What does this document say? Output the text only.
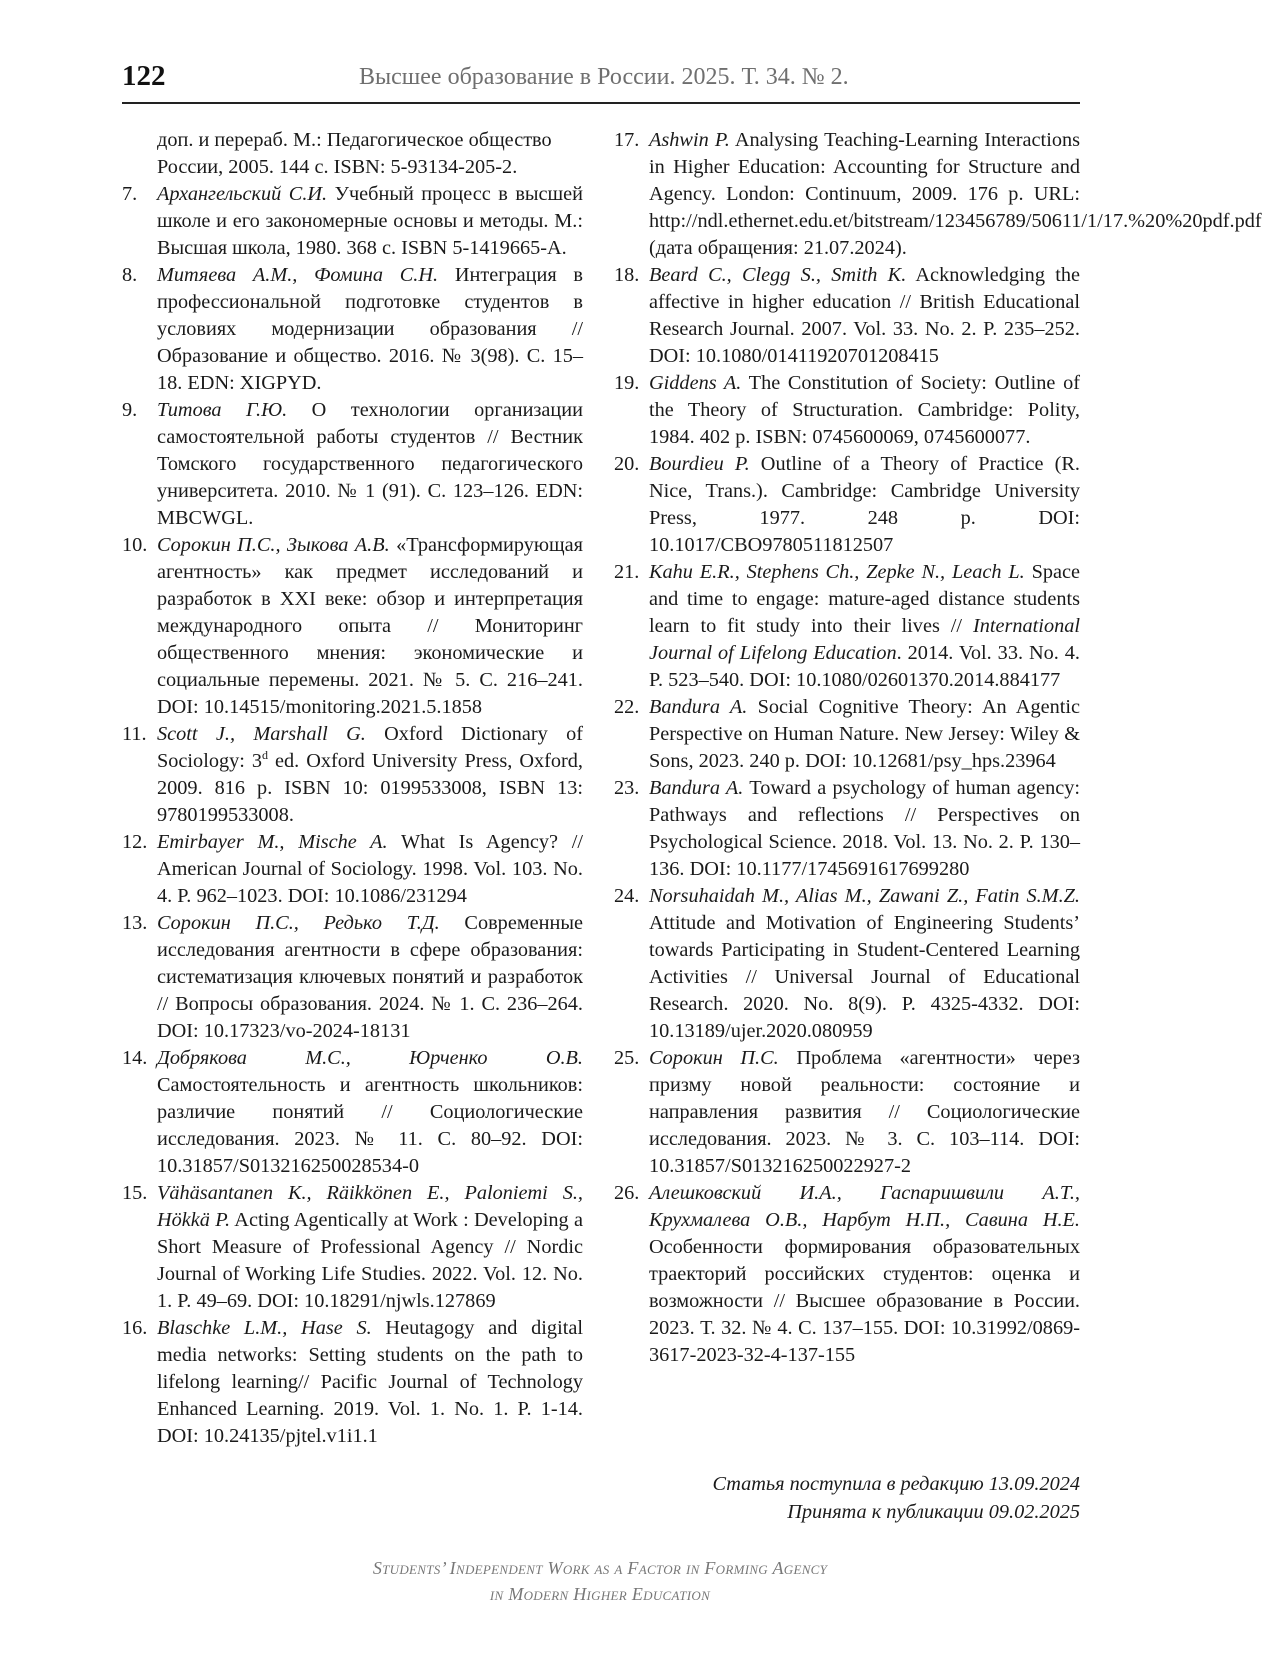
122	Высшее образование в России. 2025. Т. 34. № 2.
доп. и перераб. М.: Педагогическое общество России, 2005. 144 с. ISBN: 5-93134-205-2.
7. Архангельский С.И. Учебный процесс в высшей школе и его закономерные основы и методы. М.: Высшая школа, 1980. 368 с. ISBN 5-1419665-А.
8. Митяева А.М., Фомина С.Н. Интеграция в профессиональной подготовке студентов в условиях модернизации образования // Образование и общество. 2016. № 3(98). С. 15–18. EDN: XIGPYD.
9. Титова Г.Ю. О технологии организации самостоятельной работы студентов // Вестник Томского государственного педагогического университета. 2010. № 1 (91). С. 123–126. EDN: MBCWGL.
10. Сорокин П.С., Зыкова А.В. «Трансформирующая агентность» как предмет исследований и разработок в XXI веке: обзор и интерпретация международного опыта // Мониторинг общественного мнения: экономические и социальные перемены. 2021. № 5. С. 216–241. DOI: 10.14515/monitoring.2021.5.1858
11. Scott J., Marshall G. Oxford Dictionary of Sociology: 3$^d$ ed. Oxford University Press, Oxford, 2009. 816 p. ISBN 10: 0199533008, ISBN 13: 9780199533008.
12. Emirbayer M., Mische A. What Is Agency? // American Journal of Sociology. 1998. Vol. 103. No. 4. P. 962–1023. DOI: 10.1086/231294
13. Сорокин П.С., Редько Т.Д. Современные исследования агентности в сфере образования: систематизация ключевых понятий и разработок // Вопросы образования. 2024. № 1. С. 236–264. DOI: 10.17323/vo-2024-18131
14. Добрякова М.С., Юрченко О.В. Самостоятельность и агентность школьников: различие понятий // Социологические исследования. 2023. № 11. С. 80–92. DOI: 10.31857/S013216250028534-0
15. Vähäsantanen K., Räikkönen E., Paloniemi S., Hökkä P. Acting Agentically at Work : Developing a Short Measure of Professional Agency // Nordic Journal of Working Life Studies. 2022. Vol. 12. No. 1. P. 49–69. DOI: 10.18291/njwls.127869
16. Blaschke L.M., Hase S. Heutagogy and digital media networks: Setting students on the path to lifelong learning// Pacific Journal of Technology Enhanced Learning. 2019. Vol. 1. No. 1. P. 1-14. DOI: 10.24135/pjtel.v1i1.1
17. Ashwin P. Analysing Teaching-Learning Interactions in Higher Education: Accounting for Structure and Agency. London: Continuum, 2009. 176 p. URL: http://ndl.ethernet.edu.et/bitstream/123456789/50611/1/17.%20%20pdf.pdf (дата обращения: 21.07.2024).
18. Beard C., Clegg S., Smith K. Acknowledging the affective in higher education // British Educational Research Journal. 2007. Vol. 33. No. 2. P. 235–252. DOI: 10.1080/01411920701208415
19. Giddens A. The Constitution of Society: Outline of the Theory of Structuration. Cambridge: Polity, 1984. 402 p. ISBN: 0745600069, 0745600077.
20. Bourdieu P. Outline of a Theory of Practice (R. Nice, Trans.). Cambridge: Cambridge University Press, 1977. 248 p. DOI: 10.1017/CBO9780511812507
21. Kahu E.R., Stephens Ch., Zepke N., Leach L. Space and time to engage: mature-aged distance students learn to fit study into their lives // International Journal of Lifelong Education. 2014. Vol. 33. No. 4. P. 523–540. DOI: 10.1080/02601370.2014.884177
22. Bandura A. Social Cognitive Theory: An Agentic Perspective on Human Nature. New Jersey: Wiley & Sons, 2023. 240 p. DOI: 10.12681/psy_hps.23964
23. Bandura A. Toward a psychology of human agency: Pathways and reflections // Perspectives on Psychological Science. 2018. Vol. 13. No. 2. P. 130–136. DOI: 10.1177/1745691617699280
24. Norsuhaidah M., Alias M., Zawani Z., Fatin S.M.Z. Attitude and Motivation of Engineering Students’ towards Participating in Student-Centered Learning Activities // Universal Journal of Educational Research. 2020. No. 8(9). P. 4325-4332. DOI: 10.13189/ujer.2020.080959
25. Сорокин П.С. Проблема «агентности» через призму новой реальности: состояние и направления развития // Социологические исследования. 2023. № 3. С. 103–114. DOI: 10.31857/S013216250022927-2
26. Алешковский И.А., Гаспаришвили А.Т., Крухмалева О.В., Нарбут Н.П., Савина Н.Е. Особенности формирования образовательных траекторий российских студентов: оценка и возможности // Высшее образование в России. 2023. Т. 32. № 4. С. 137–155. DOI: 10.31992/0869-3617-2023-32-4-137-155
Статья поступила в редакцию 13.09.2024
Принята к публикации 09.02.2025
Students’ Independent Work as a Factor in Forming Agency
in Modern Higher Education
